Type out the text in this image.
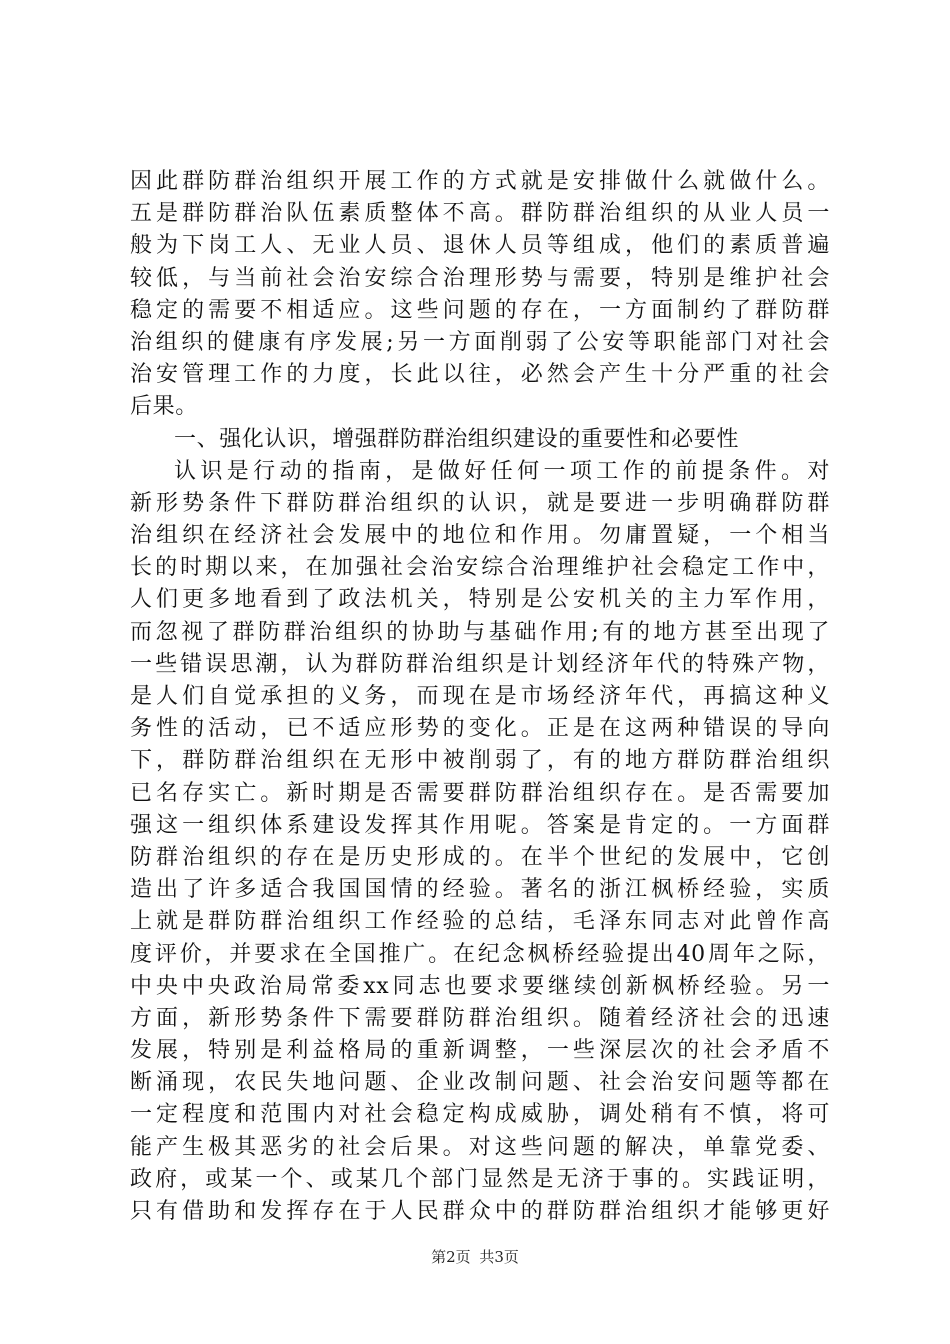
因此群防群治组织开展工作的方式就是安排做什么就做什么。
五是群防群治队伍素质整体不高。群防群治组织的从业人员一
般为下岗工人、无业人员、退休人员等组成，他们的素质普遍
较低，与当前社会治安综合治理形势与需要，特别是维护社会
稳定的需要不相适应。这些问题的存在，一方面制约了群防群
治组织的健康有序发展;另一方面削弱了公安等职能部门对社会
治安管理工作的力度，长此以往，必然会产生十分严重的社会
后果。
一、强化认识，增强群防群治组织建设的重要性和必要性
认识是行动的指南，是做好任何一项工作的前提条件。对
新形势条件下群防群治组织的认识，就是要进一步明确群防群
治组织在经济社会发展中的地位和作用。勿庸置疑，一个相当
长的时期以来，在加强社会治安综合治理维护社会稳定工作中，
人们更多地看到了政法机关，特别是公安机关的主力军作用，
而忽视了群防群治组织的协助与基础作用;有的地方甚至出现了
一些错误思潮，认为群防群治组织是计划经济年代的特殊产物，
是人们自觉承担的义务，而现在是市场经济年代，再搞这种义
务性的活动，已不适应形势的变化。正是在这两种错误的导向
下，群防群治组织在无形中被削弱了，有的地方群防群治组织
已名存实亡。新时期是否需要群防群治组织存在。是否需要加
强这一组织体系建设发挥其作用呢。答案是肯定的。一方面群
防群治组织的存在是历史形成的。在半个世纪的发展中，它创
造出了许多适合我国国情的经验。著名的浙江枫桥经验，实质
上就是群防群治组织工作经验的总结，毛泽东同志对此曾作高
度评价，并要求在全国推广。在纪念枫桥经验提出40周年之际，
中央中央政治局常委xx同志也要求要继续创新枫桥经验。另一
方面，新形势条件下需要群防群治组织。随着经济社会的迅速
发展，特别是利益格局的重新调整，一些深层次的社会矛盾不
断涌现，农民失地问题、企业改制问题、社会治安问题等都在
一定程度和范围内对社会稳定构成威胁，调处稍有不慎，将可
能产生极其恶劣的社会后果。对这些问题的解决，单靠党委、
政府，或某一个、或某几个部门显然是无济于事的。实践证明，
只有借助和发挥存在于人民群众中的群防群治组织才能够更好
第2页 共3页
